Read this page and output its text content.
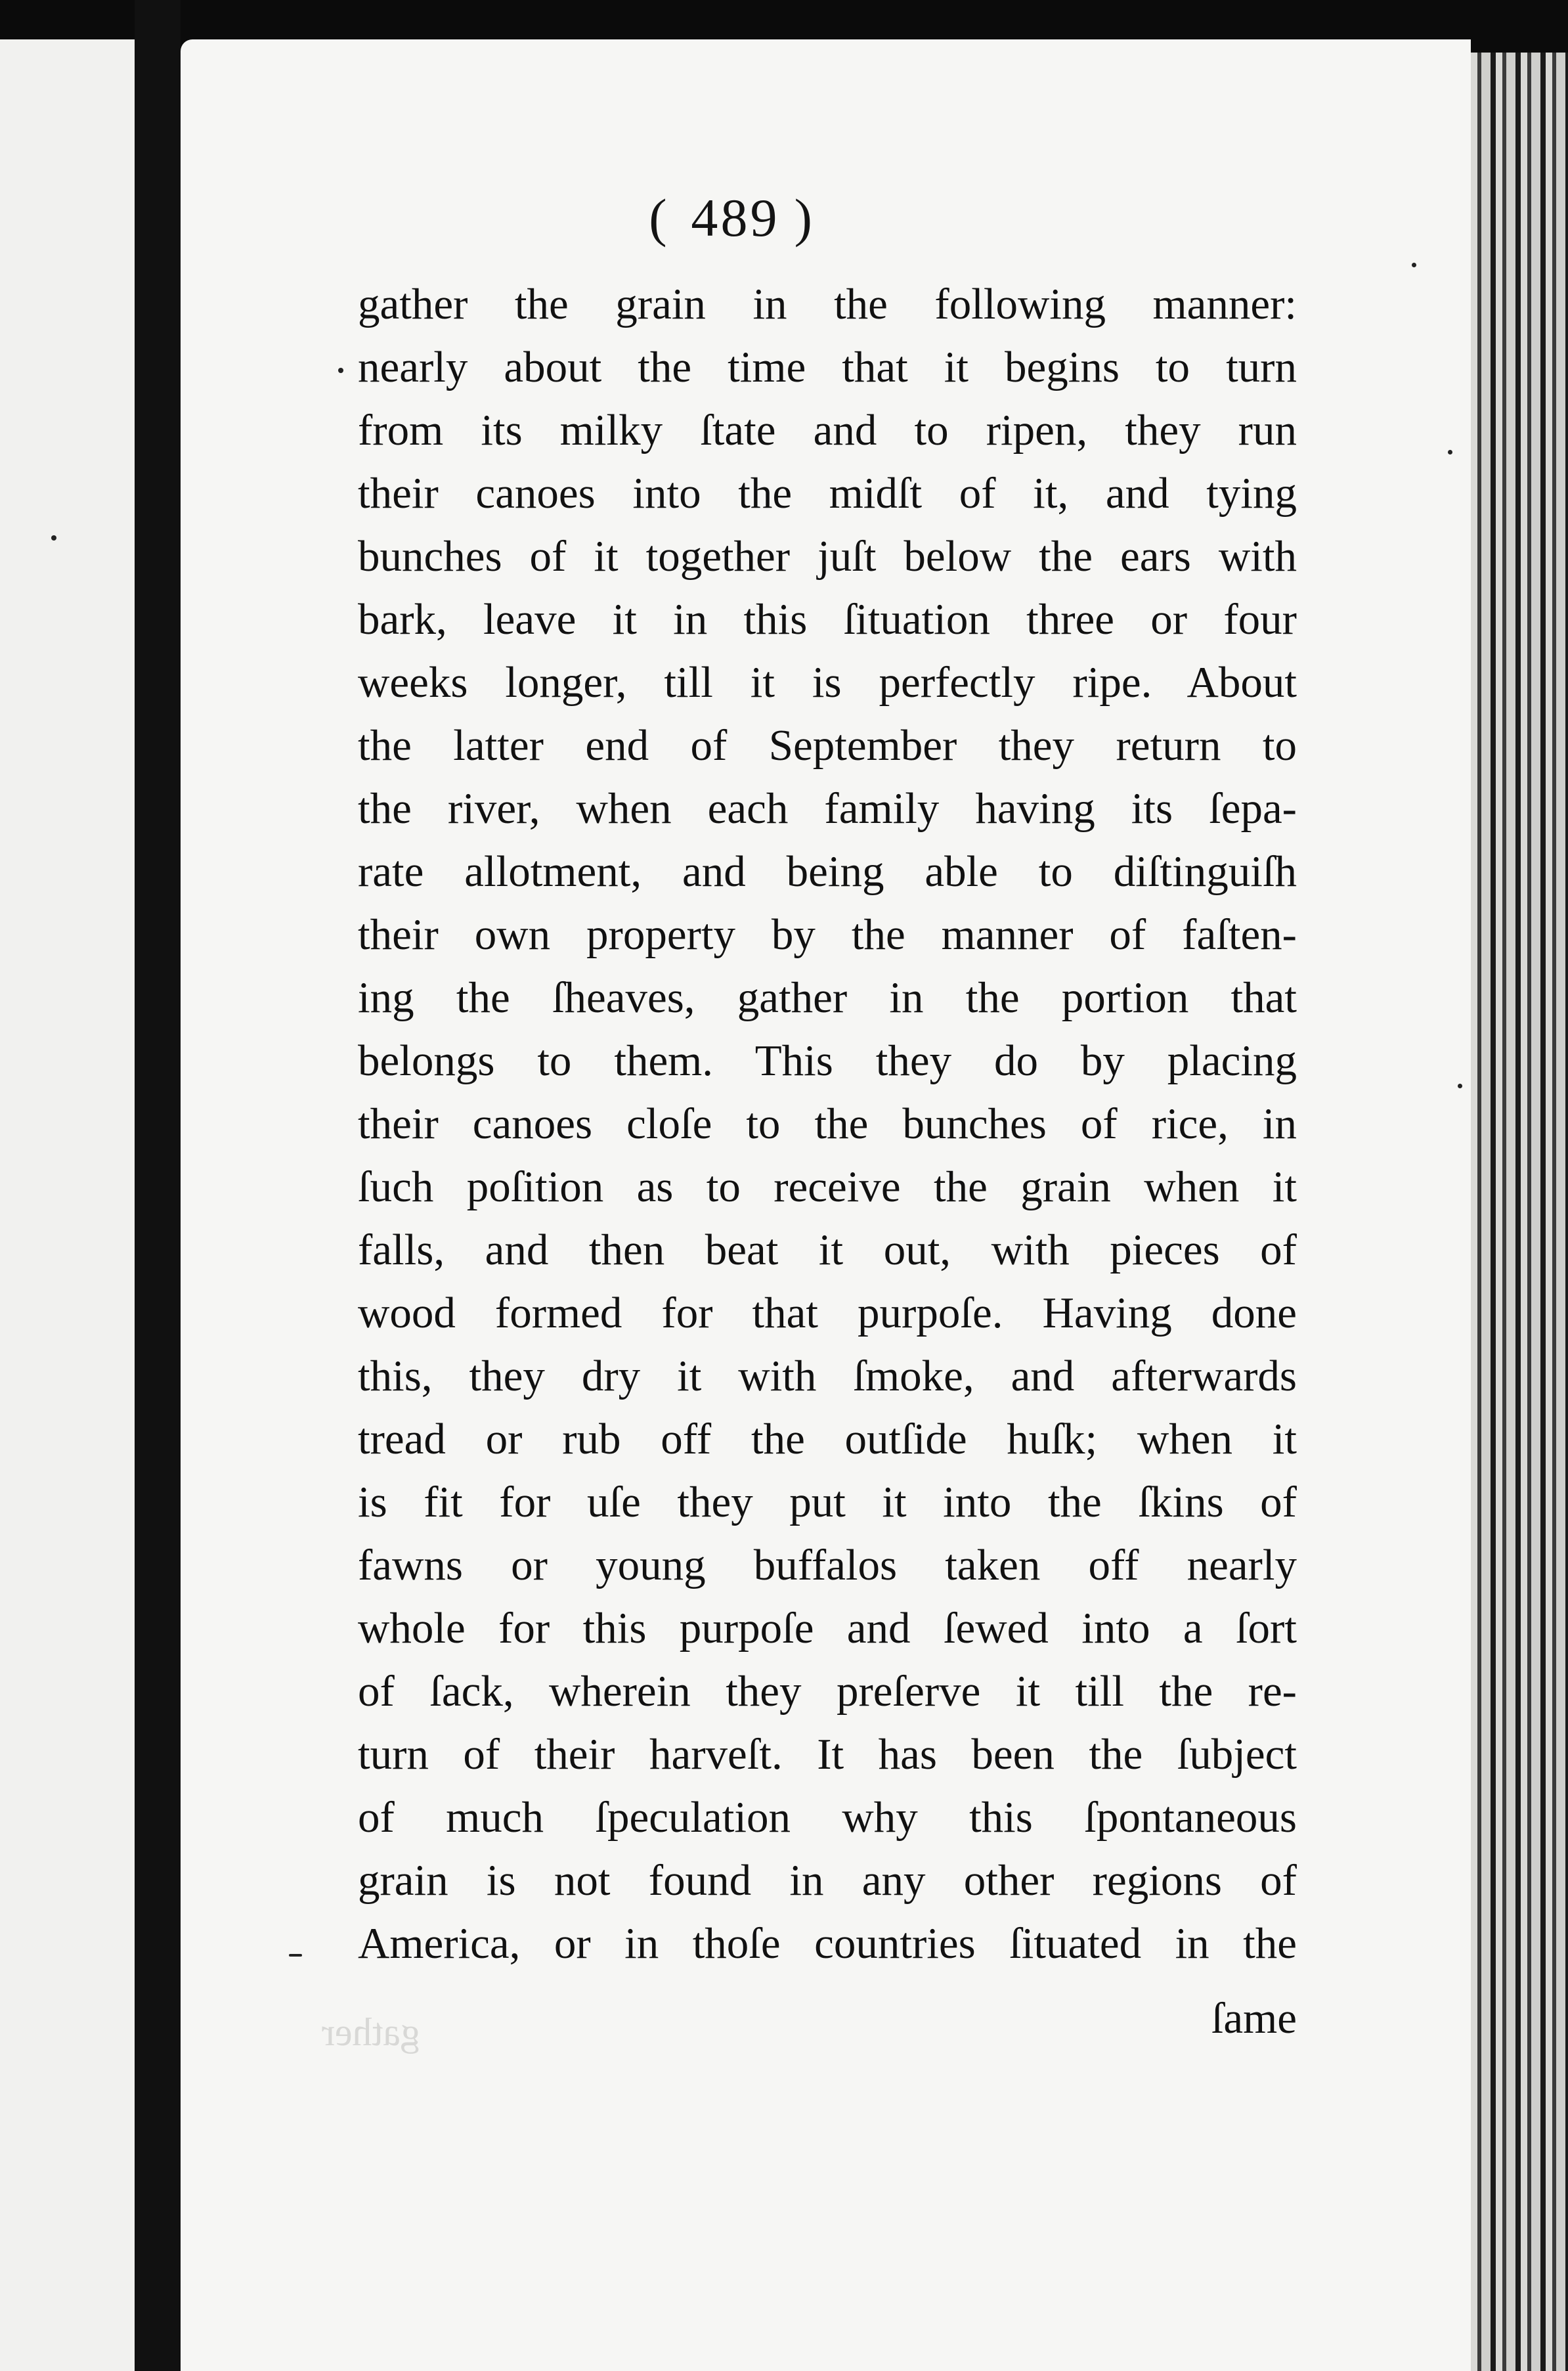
( 489 )
gather the grain in the following manner:
nearly about the time that it begins to turn
from its milky ſtate and to ripen, they run
their canoes into the midſt of it, and tying
bunches of it together juſt below the ears with
bark, leave it in this ſituation three or four
weeks longer, till it is perfectly ripe. About
the latter end of September they return to
the river, when each family having its ſepa-
rate allotment, and being able to diſtinguiſh
their own property by the manner of faſten-
ing the ſheaves, gather in the portion that
belongs to them. This they do by placing
their canoes cloſe to the bunches of rice, in
ſuch poſition as to receive the grain when it
falls, and then beat it out, with pieces of
wood formed for that purpoſe. Having done
this, they dry it with ſmoke, and afterwards
tread or rub off the outſide huſk; when it
is fit for uſe they put it into the ſkins of
fawns or young buffalos taken off nearly
whole for this purpoſe and ſewed into a ſort
of ſack, wherein they preſerve it till the re-
turn of their harveſt. It has been the ſubject
of much ſpeculation why this ſpontaneous
grain is not found in any other regions of
America, or in thoſe countries ſituated in the
ſame
gather
